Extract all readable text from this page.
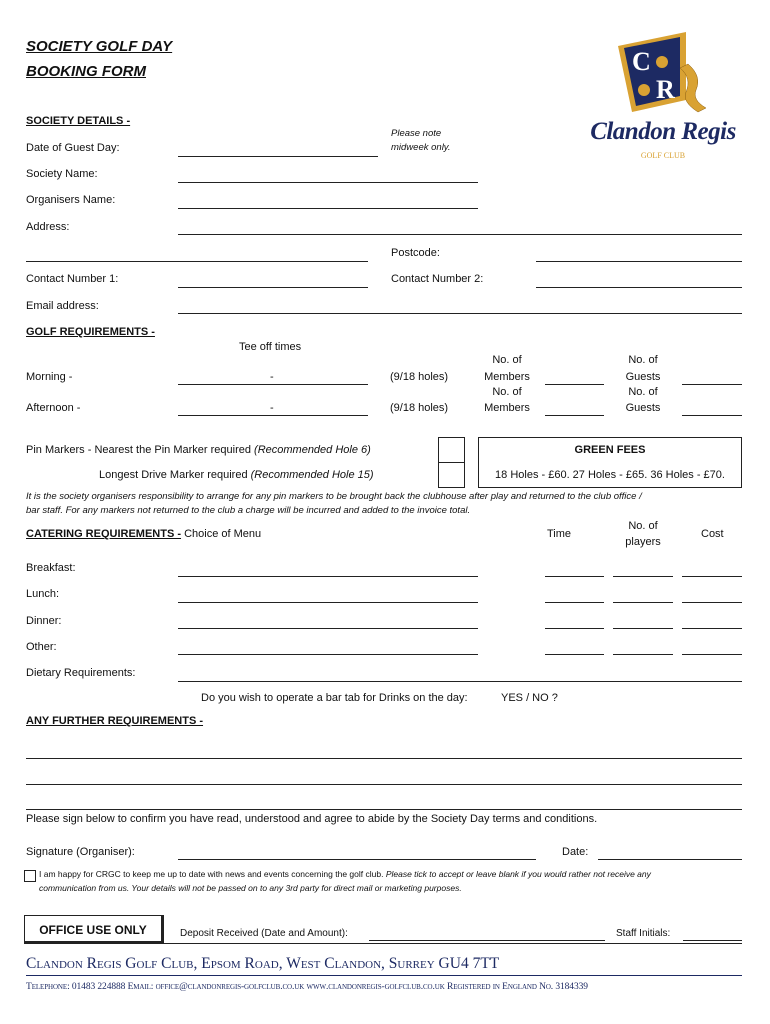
SOCIETY GOLF DAY
BOOKING FORM	C
R
Clandon Regis
GOLF CLUB
SOCIETY DETAILS -
Date of Guest Day:
Please note
midweek only.
Society Name:
Organisers Name:
Address:
Postcode:
Contact Number 1:	Contact Number 2:
Email address:
GOLF REQUIREMENTS -
Tee off times
Morning -	-	(9/18 holes)
No. of
Members
No. of
Guests
Afternoon -	-	(9/18 holes)
No. of
Members
No. of
Guests
Pin Markers - Nearest the Pin Marker required (Recommended Hole 6)
Longest Drive Marker required (Recommended Hole 15)
GREEN FEES
18 Holes - £60. 27 Holes - £65. 36 Holes - £70.
It is the society organisers responsibility to arrange for any pin markers to be brought back the clubhouse after play and returned to the club office /
bar staff. For any markers not returned to the club a charge will be incurred and added to the invoice total.
CATERING REQUIREMENTS - Choice of Menu	Time
No. of
players
Cost
Breakfast:
Lunch:
Dinner:
Other:
Dietary Requirements:
Do you wish to operate a bar tab for Drinks on the day:	YES / NO ?
ANY FURTHER REQUIREMENTS -
Please sign below to confirm you have read, understood and agree to abide by the Society Day terms and conditions.
Signature (Organiser):	Date:
I am happy for CRGC to keep me up to date with news and events concerning the golf club. Please tick to accept or leave blank if you would rather not receive any
communication from us. Your details will not be passed on to any 3rd party for direct mail or marketing purposes.
OFFICE USE ONLY	Deposit Received (Date and Amount):	Staff Initials:
Clandon Regis Golf Club, Epsom Road, West Clandon, Surrey GU4 7TT
Telephone: 01483 224888 Email: office@clandonregis-golfclub.co.uk www.clandonregis-golfclub.co.uk Registered in England No. 3184339
